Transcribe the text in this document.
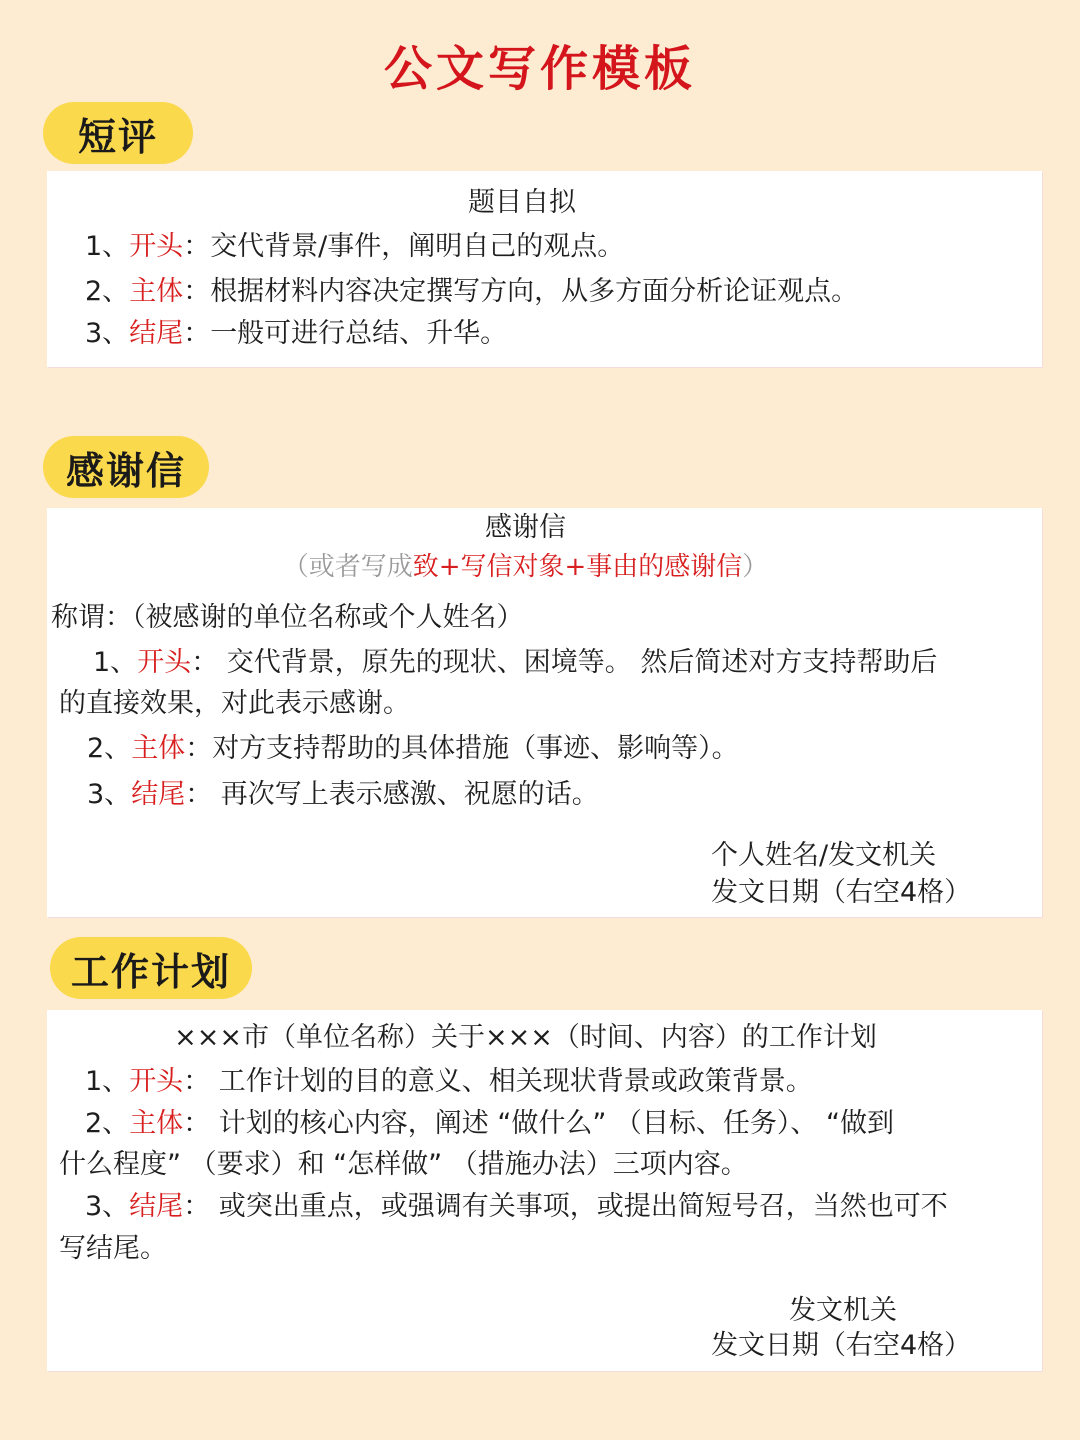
公文写作模板
短评
题目自拟
1、开头：交代背景/事件，阐明自己的观点。
2、主体：根据材料内容决定撰写方向，从多方面分析论证观点。
3、结尾：一般可进行总结、升华。
感谢信
感谢信
（或者写成致+写信对象+事由的感谢信）
称谓：（被感谢的单位名称或个人姓名）
1、开头： 交代背景，原先的现状、困境等。 然后简述对方支持帮助后
的直接效果，对此表示感谢。
2、主体：对方支持帮助的具体措施（事迹、影响等）。
3、结尾： 再次写上表示感激、祝愿的话。
个人姓名/发文机关
发文日期（右空4格）
工作计划
×××市（单位名称）关于×××（时间、内容）的工作计划
1、开头： 工作计划的目的意义、相关现状背景或政策背景。
2、主体： 计划的核心内容，阐述 “做什么” （目标、任务）、 “做到
什么程度” （要求）和 “怎样做” （措施办法）三项内容。
3、结尾： 或突出重点，或强调有关事项，或提出简短号召，当然也可不
写结尾。
发文机关
发文日期（右空4格）
